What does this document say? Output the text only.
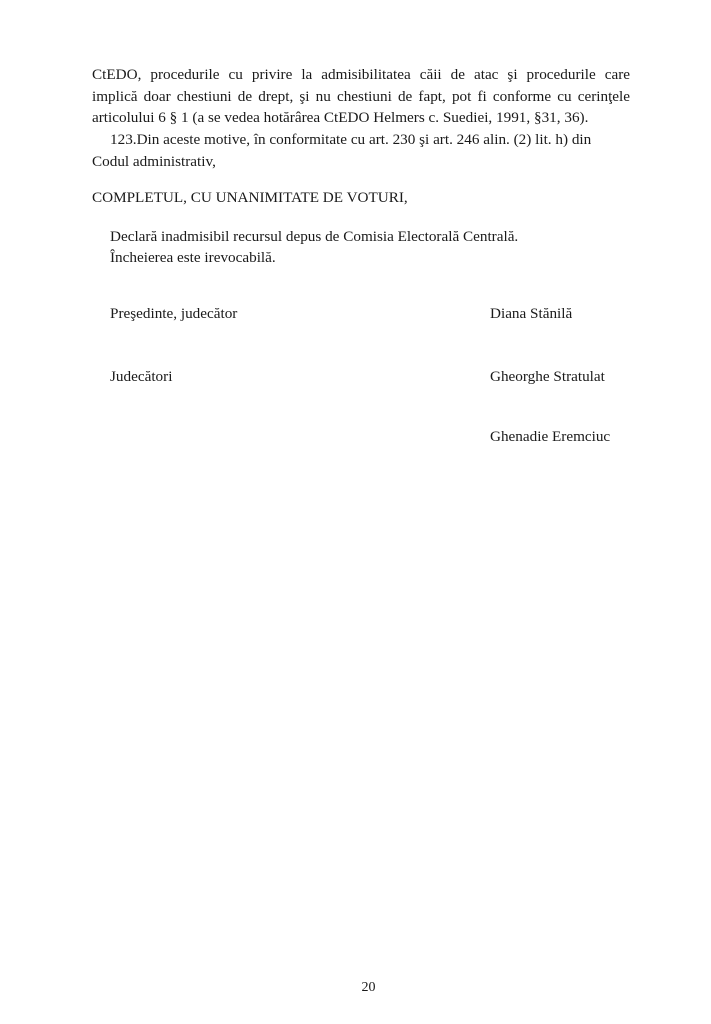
CtEDO, procedurile cu privire la admisibilitatea căii de atac şi procedurile care
implică doar chestiuni de drept, şi nu chestiuni de fapt, pot fi conforme cu cerinţele
articolului 6 § 1 (a se vedea hotărârea CtEDO Helmers c. Suediei, 1991, §31, 36).
123.Din aceste motive, în conformitate cu art. 230 şi art. 246 alin. (2) lit. h) din
Codul administrativ,
COMPLETUL, CU UNANIMITATE DE VOTURI,
Declară inadmisibil recursul depus de Comisia Electorală Centrală.
Încheierea este irevocabilă.
Preşedinte, judecător	Diana Stănilă
Judecători	Gheorghe Stratulat
Ghenadie Eremciuc
20
